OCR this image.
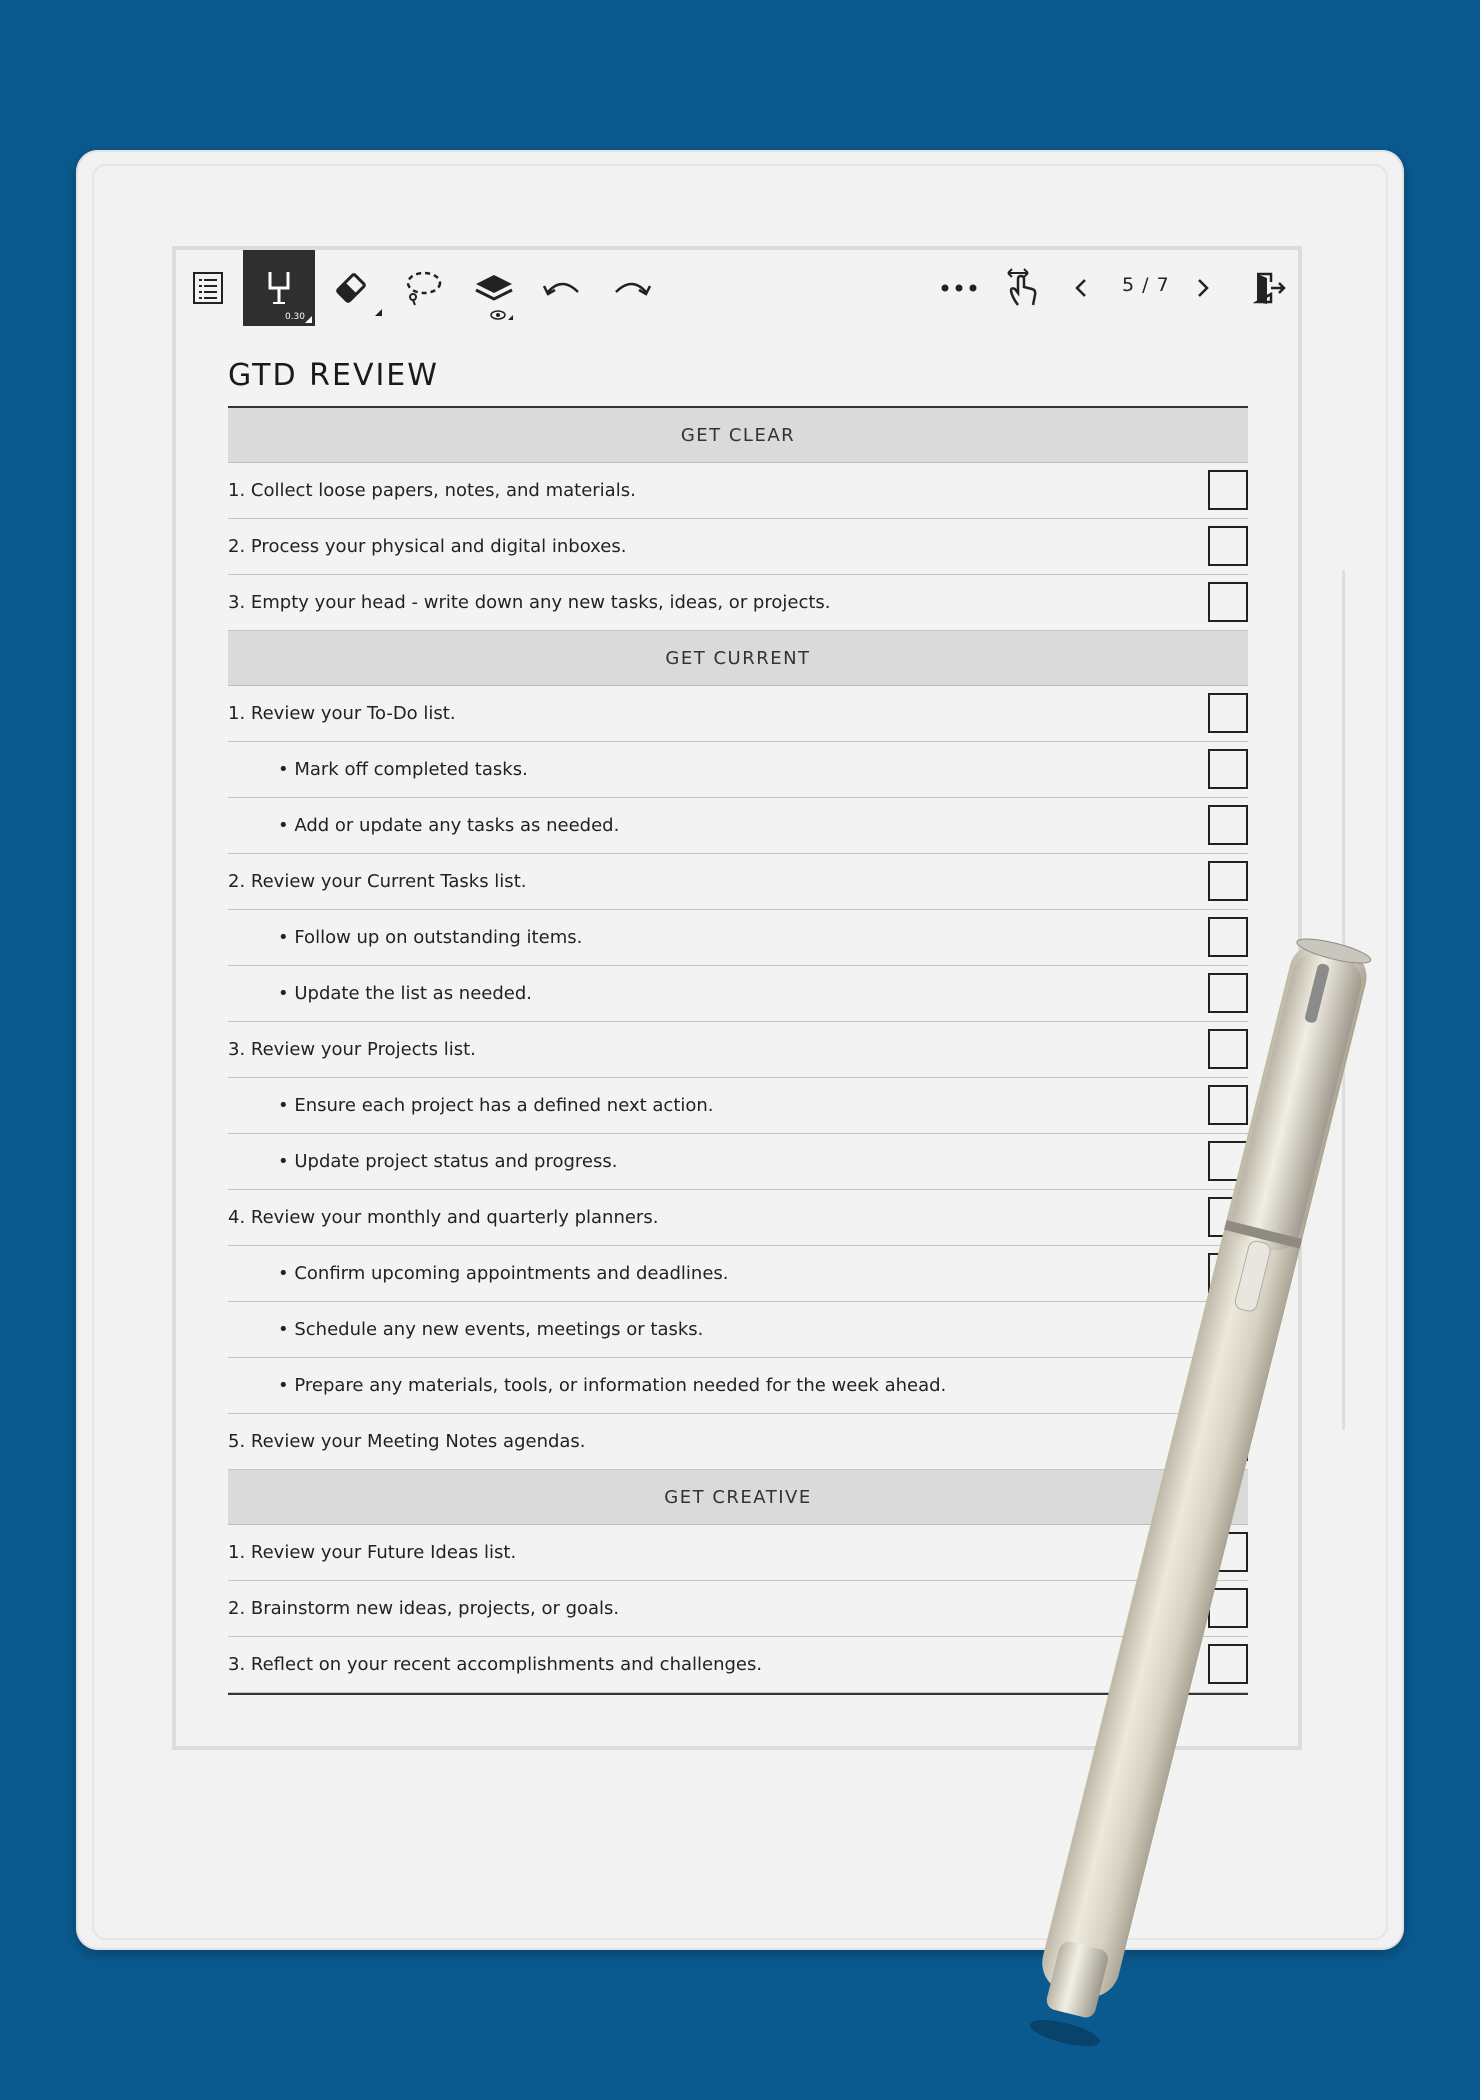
0.30
5 / 7
GTD REVIEW
GET CLEAR
1. Collect loose papers, notes, and materials.
2. Process your physical and digital inboxes.
3. Empty your head - write down any new tasks, ideas, or projects.
GET CURRENT
1. Review your To-Do list.
• Mark off completed tasks.
• Add or update any tasks as needed.
2. Review your Current Tasks list.
• Follow up on outstanding items.
• Update the list as needed.
3. Review your Projects list.
• Ensure each project has a defined next action.
• Update project status and progress.
4. Review your monthly and quarterly planners.
• Confirm upcoming appointments and deadlines.
• Schedule any new events, meetings or tasks.
• Prepare any materials, tools, or information needed for the week ahead.
5. Review your Meeting Notes agendas.
GET CREATIVE
1. Review your Future Ideas list.
2. Brainstorm new ideas, projects, or goals.
3. Reflect on your recent accomplishments and challenges.
